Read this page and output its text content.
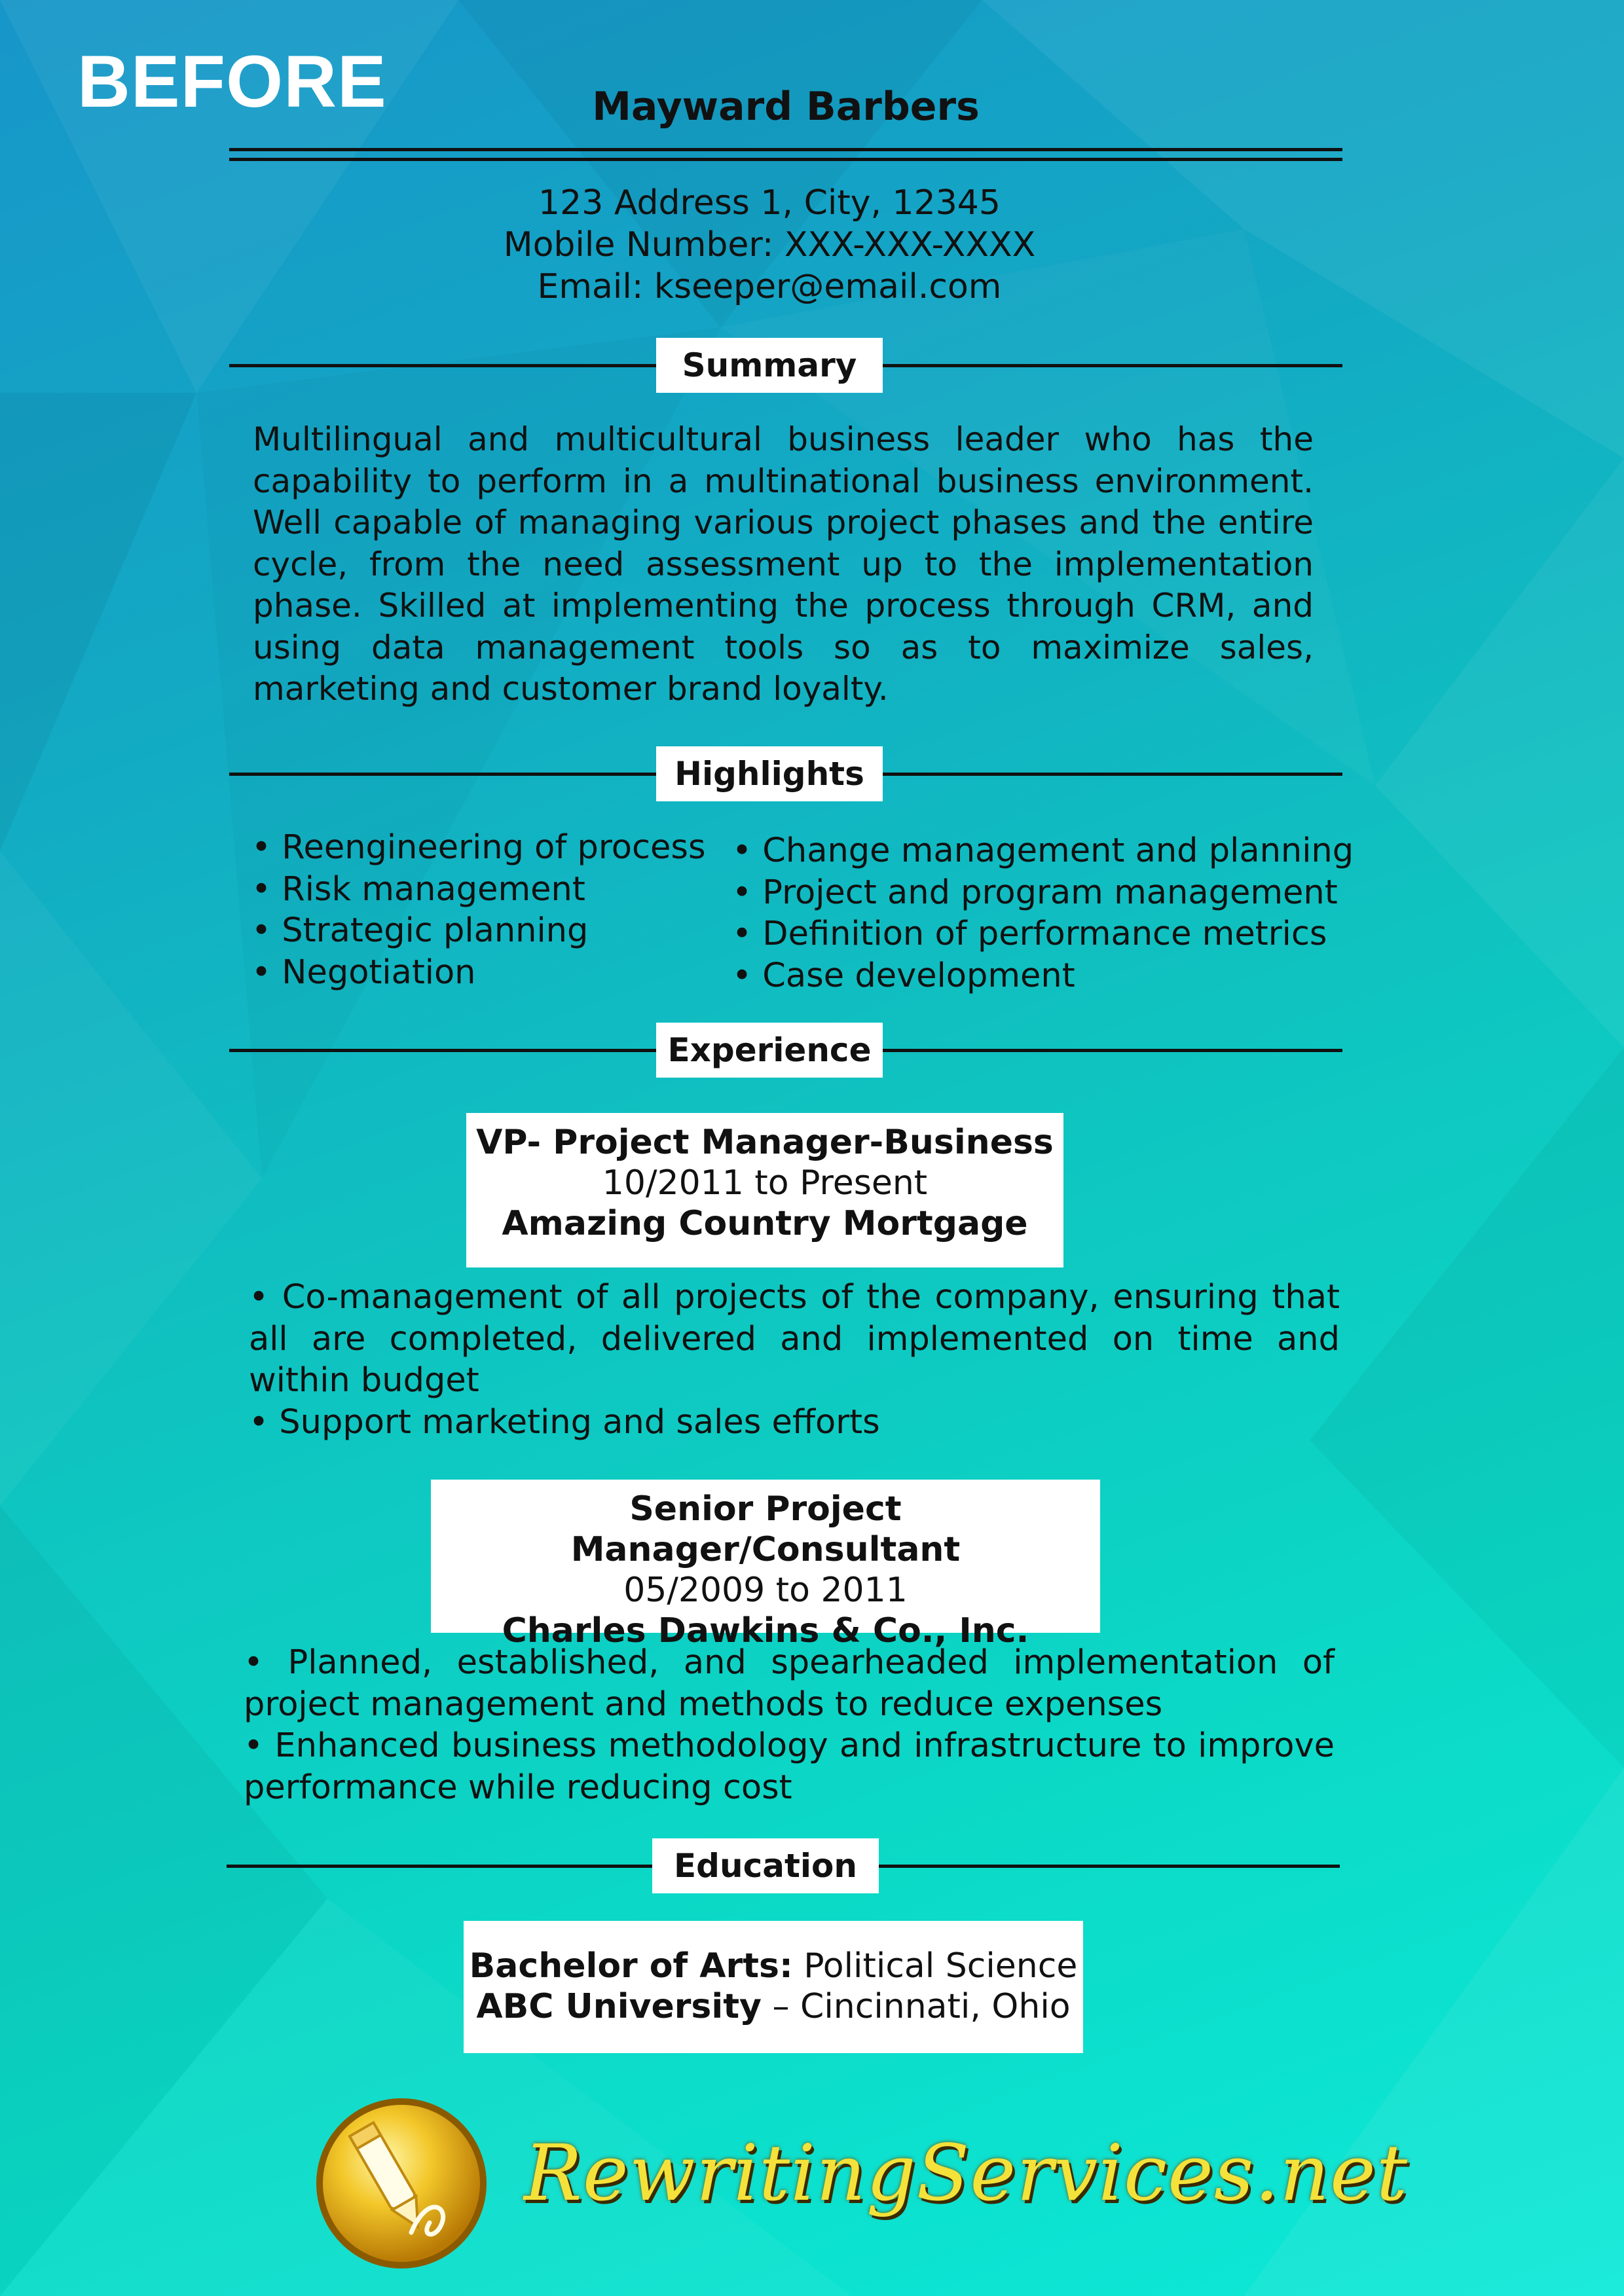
BEFORE	Mayward Barbers
123 Address 1, City, 12345
Mobile Number: XXX-XXX-XXXX
Email: kseeper@email.com
Summary
Multilingual and multicultural business leader who has the capability to perform in a multinational business environment. Well capable of managing various project phases and the entire cycle, from the need assessment up to the implementation phase. Skilled at implementing the process through CRM, and using data management tools so as to maximize sales, marketing and customer brand loyalty.
Highlights
• Reengineering of process
• Risk management
• Strategic planning
• Negotiation
• Change management and planning
• Project and program management
• Definition of performance metrics
• Case development
Experience
VP- Project Manager-Business
10/2011 to Present
Amazing Country Mortgage
• Co-management of all projects of the company, ensuring that all are completed, delivered and implemented on time and within budget
• Support marketing and sales efforts
Senior Project Manager/Consultant
05/2009 to 2011
Charles Dawkins & Co., Inc.
• Planned, established, and spearheaded implementation of project management and methods to reduce expenses
• Enhanced business methodology and infrastructure to improve performance while reducing cost
Education
Bachelor of Arts: Political Science
ABC University – Cincinnati, Ohio
RewritingServices.net
